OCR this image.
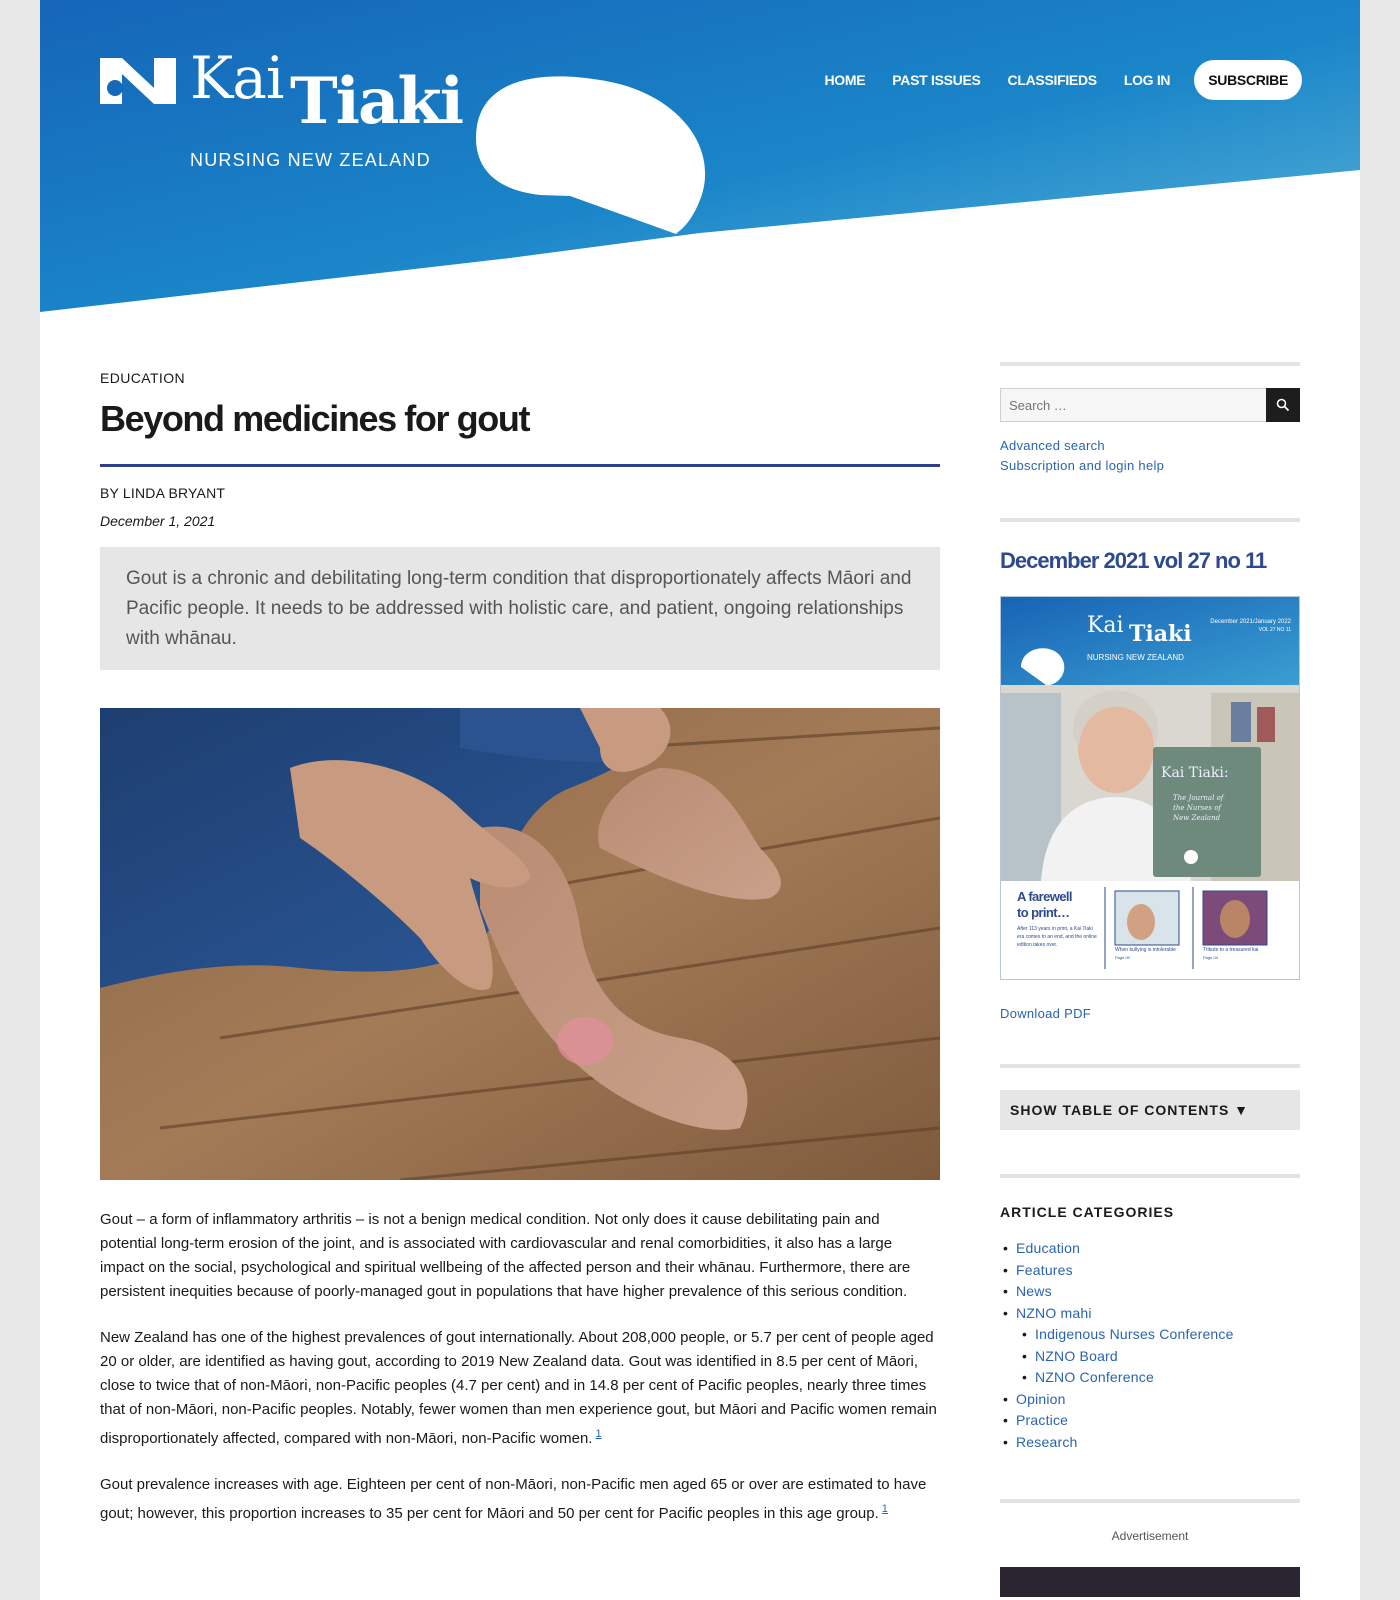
Kai Tiaki
NURSING NEW ZEALAND
HOME PAST ISSUES CLASSIFIEDS LOG IN	SUBSCRIBE
EDUCATION
Beyond medicines for gout
BY LINDA BRYANT
December 1, 2021
Gout is a chronic and debilitating long-term condition that disproportionately affects Māori and Pacific people. It needs to be addressed with holistic care, and patient, ongoing relationships with whānau.

Gout – a form of inflammatory arthritis – is not a benign medical condition. Not only does it cause debilitating pain and potential long-term erosion of the joint, and is associated with cardiovascular and renal comorbidities, it also has a large impact on the social, psychological and spiritual wellbeing of the affected person and their whānau. Furthermore, there are persistent inequities because of poorly-managed gout in populations that have higher prevalence of this serious condition.

New Zealand has one of the highest prevalences of gout internationally. About 208,000 people, or 5.7 per cent of people aged 20 or older, are identified as having gout, according to 2019 New Zealand data. Gout was identified in 8.5 per cent of Māori, close to twice that of non-Māori, non-Pacific peoples (4.7 per cent) and in 14.8 per cent of Pacific peoples, nearly three times that of non-Māori, non-Pacific peoples. Notably, fewer women than men experience gout, but Māori and Pacific women remain disproportionately affected, compared with non-Māori, non-Pacific women. $^1$

Gout prevalence increases with age. Eighteen per cent of non-Māori, non-Pacific men aged 65 or over are estimated to have gout; however, this proportion increases to 35 per cent for Māori and 50 per cent for Pacific peoples in this age group. $^1$

Search …
Advanced search
Subscription and login help
December 2021 vol 27 no 11
Kai Tiaki
NURSING NEW ZEALAND
December 2021/January 2022
VOL 27 NO 11
Kai Tiaki:
The Journal of the Nurses of New Zealand
A farewell
to print…
After 113 years in print, a Kai Tiaki era comes to an end, and the online edition takes over.
When bullying is intolerable
Page 00
Tribute to a treasured kai
Page 04
Download PDF
SHOW TABLE OF CONTENTS ▼
ARTICLE CATEGORIES
• Education
• Features
• News
• NZNO mahi
• Indigenous Nurses Conference
• NZNO Board
• NZNO Conference
• Opinion
• Practice
• Research
Advertisement
